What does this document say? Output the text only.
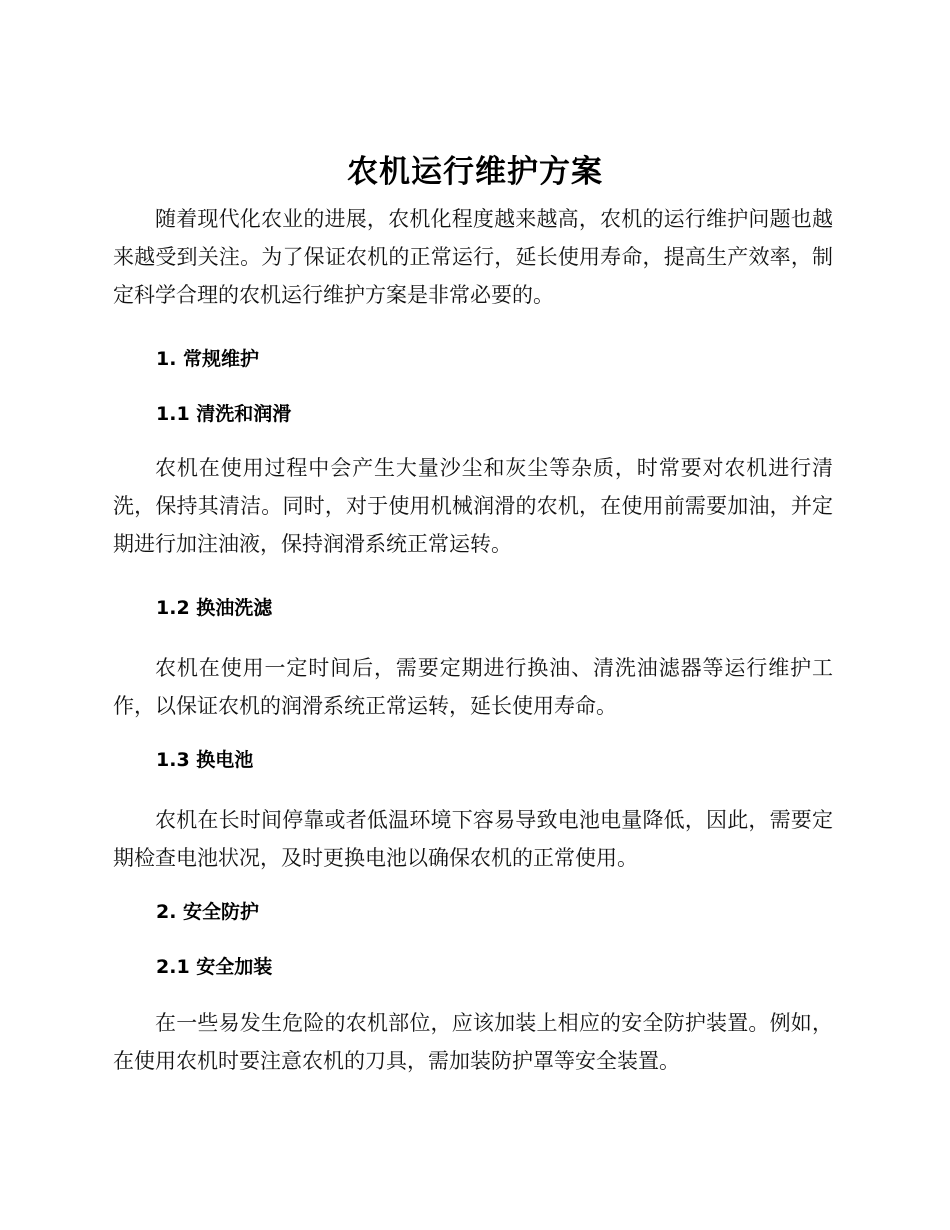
农机运行维护方案

随着现代化农业的进展，农机化程度越来越高，农机的运行维护问题也越来越受到关注。为了保证农机的正常运行，延长使用寿命，提高生产效率，制定科学合理的农机运行维护方案是非常必要的。

1. 常规维护
1.1 清洗和润滑

农机在使用过程中会产生大量沙尘和灰尘等杂质，时常要对农机进行清洗，保持其清洁。同时，对于使用机械润滑的农机，在使用前需要加油，并定期进行加注油液，保持润滑系统正常运转。

1.2 换油洗滤

农机在使用一定时间后，需要定期进行换油、清洗油滤器等运行维护工作，以保证农机的润滑系统正常运转，延长使用寿命。

1.3 换电池

农机在长时间停靠或者低温环境下容易导致电池电量降低，因此，需要定期检查电池状况，及时更换电池以确保农机的正常使用。

2. 安全防护
2.1 安全加装

在一些易发生危险的农机部位，应该加装上相应的安全防护装置。例如，在使用农机时要注意农机的刀具，需加装防护罩等安全装置。
